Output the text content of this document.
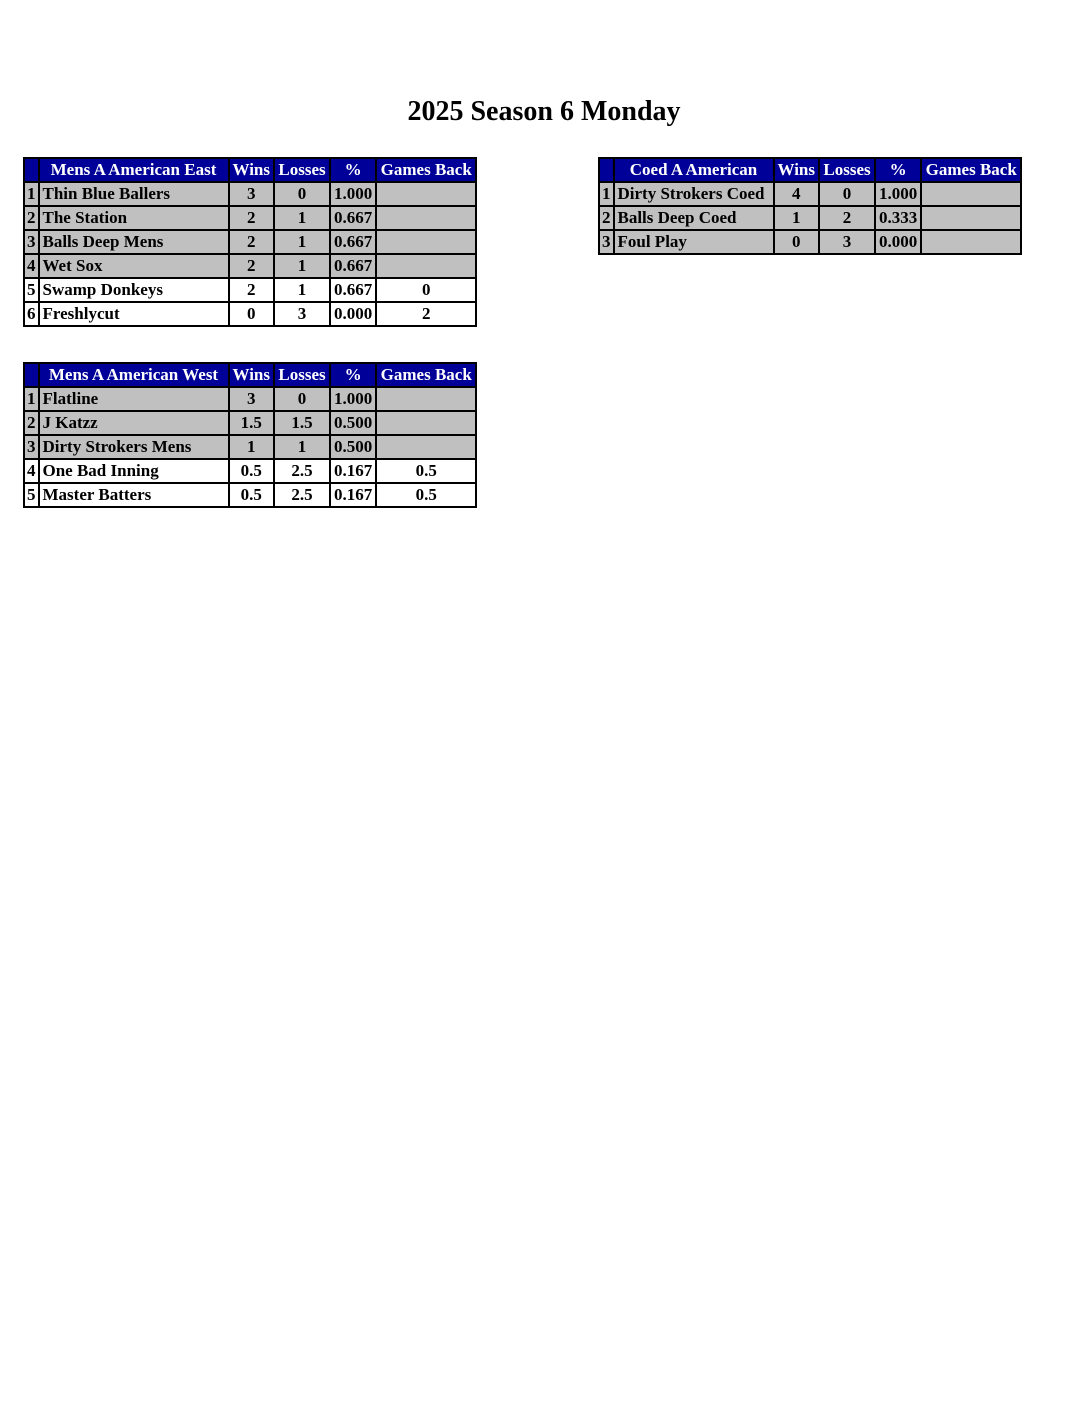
2025 Season 6 Monday
	Mens A American East	Wins	Losses	%	Games Back
1	Thin Blue Ballers	3	0	1.000	
2	The Station	2	1	0.667	
3	Balls Deep Mens	2	1	0.667	
4	Wet Sox	2	1	0.667	
5	Swamp Donkeys	2	1	0.667	0
6	Freshlycut	0	3	0.000	2
	Mens A American West	Wins	Losses	%	Games Back
1	Flatline	3	0	1.000	
2	J Katzz	1.5	1.5	0.500	
3	Dirty Strokers Mens	1	1	0.500	
4	One Bad Inning	0.5	2.5	0.167	0.5
5	Master Batters	0.5	2.5	0.167	0.5
	Coed A American	Wins	Losses	%	Games Back
1	Dirty Strokers Coed	4	0	1.000	
2	Balls Deep Coed	1	2	0.333	
3	Foul Play	0	3	0.000	
